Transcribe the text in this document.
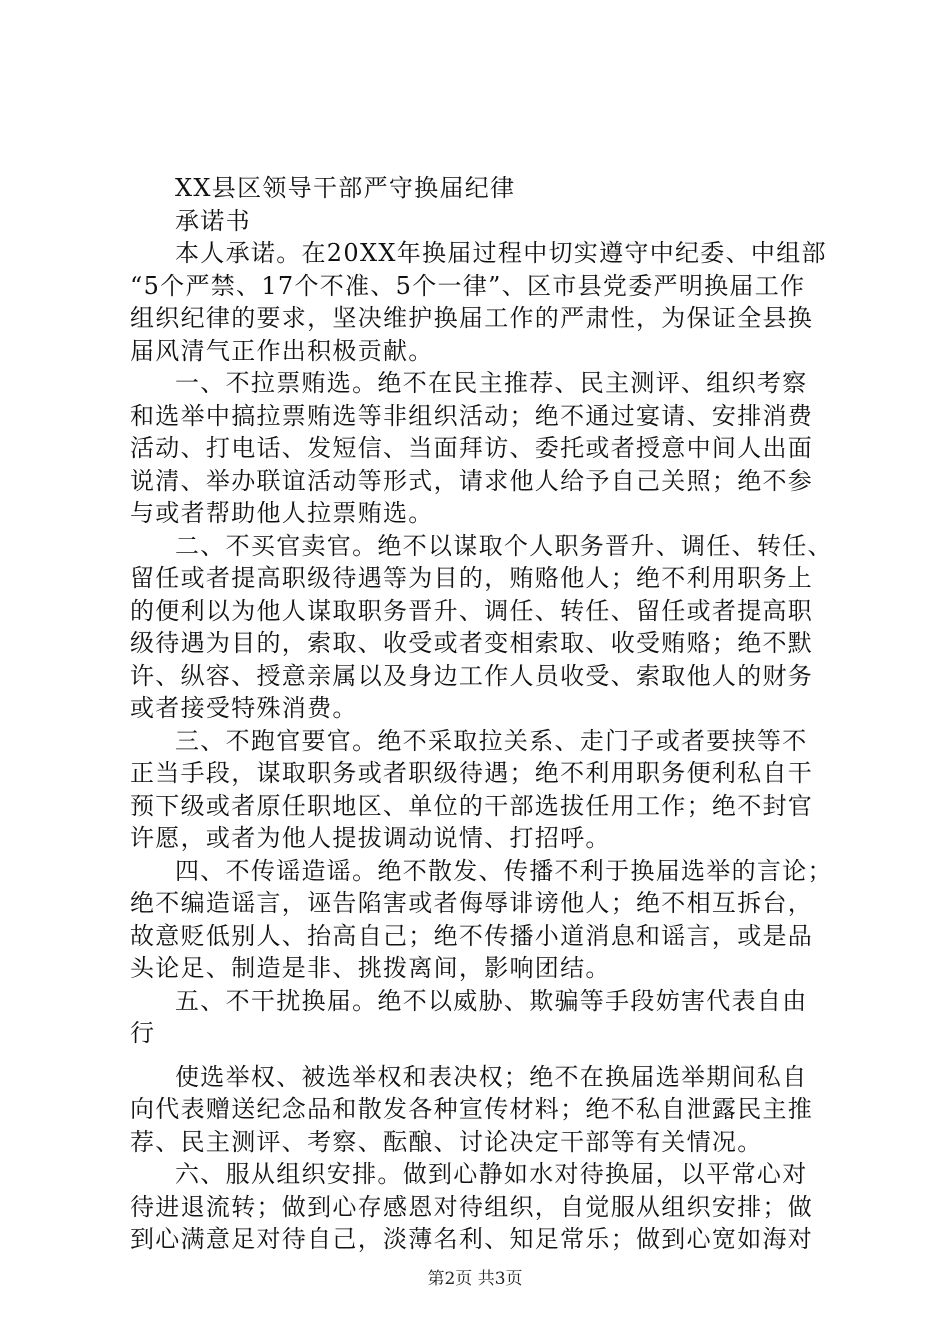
XX县区领导干部严守换届纪律
承诺书
本人承诺。在20XX年换届过程中切实遵守中纪委、中组部
“5个严禁、17个不准、5个一律”、区市县党委严明换届工作
组织纪律的要求，坚决维护换届工作的严肃性，为保证全县换
届风清气正作出积极贡献。
一、不拉票贿选。绝不在民主推荐、民主测评、组织考察
和选举中搞拉票贿选等非组织活动；绝不通过宴请、安排消费
活动、打电话、发短信、当面拜访、委托或者授意中间人出面
说清、举办联谊活动等形式，请求他人给予自己关照；绝不参
与或者帮助他人拉票贿选。
二、不买官卖官。绝不以谋取个人职务晋升、调任、转任、
留任或者提高职级待遇等为目的，贿赂他人；绝不利用职务上
的便利以为他人谋取职务晋升、调任、转任、留任或者提高职
级待遇为目的，索取、收受或者变相索取、收受贿赂；绝不默
许、纵容、授意亲属以及身边工作人员收受、索取他人的财务
或者接受特殊消费。
三、不跑官要官。绝不采取拉关系、走门子或者要挟等不
正当手段，谋取职务或者职级待遇；绝不利用职务便利私自干
预下级或者原任职地区、单位的干部选拔任用工作；绝不封官
许愿，或者为他人提拔调动说情、打招呼。
四、不传谣造谣。绝不散发、传播不利于换届选举的言论；
绝不编造谣言，诬告陷害或者侮辱诽谤他人；绝不相互拆台，
故意贬低别人、抬高自己；绝不传播小道消息和谣言，或是品
头论足、制造是非、挑拨离间，影响团结。
五、不干扰换届。绝不以威胁、欺骗等手段妨害代表自由
行
使选举权、被选举权和表决权；绝不在换届选举期间私自
向代表赠送纪念品和散发各种宣传材料；绝不私自泄露民主推
荐、民主测评、考察、酝酿、讨论决定干部等有关情况。
六、服从组织安排。做到心静如水对待换届，以平常心对
待进退流转；做到心存感恩对待组织，自觉服从组织安排；做
到心满意足对待自己，淡薄名利、知足常乐；做到心宽如海对
第2页 共3页
